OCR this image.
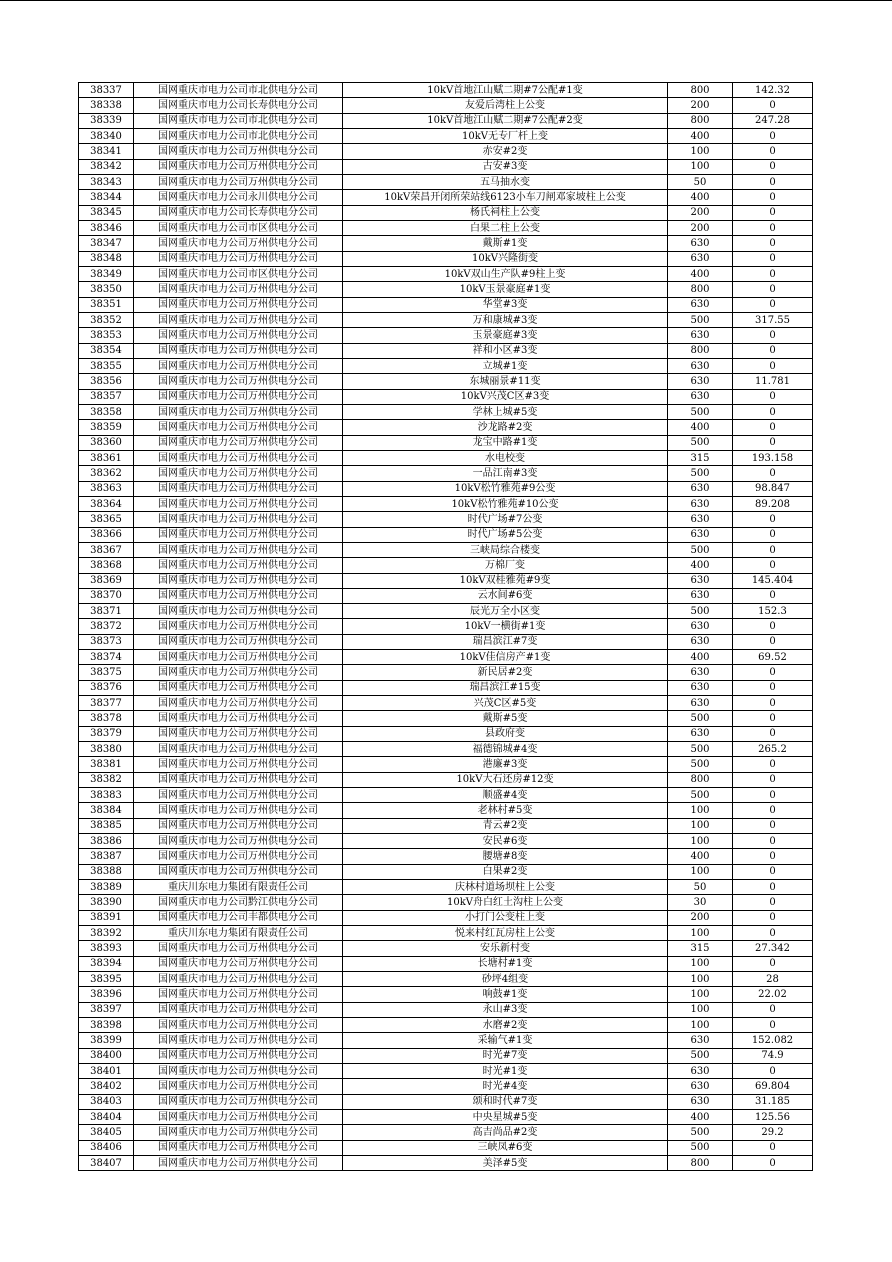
38337	国网重庆市电力公司市北供电分公司	10kV首地江山赋二期#7公配#1变	800	142.32
38338	国网重庆市电力公司长寿供电分公司	友爱后湾柱上公变	200	0
38339	国网重庆市电力公司市北供电分公司	10kV首地江山赋二期#7公配#2变	800	247.28
38340	国网重庆市电力公司市北供电分公司	10kV无专厂杆上变	400	0
38341	国网重庆市电力公司万州供电分公司	赤安#2变	100	0
38342	国网重庆市电力公司万州供电分公司	古安#3变	100	0
38343	国网重庆市电力公司万州供电分公司	五马抽水变	50	0
38344	国网重庆市电力公司永川供电分公司	10kV荣昌开闭所荣站线6123小车刀闸邓家坡柱上公变	400	0
38345	国网重庆市电力公司长寿供电分公司	杨氏祠柱上公变	200	0
38346	国网重庆市电力公司市区供电分公司	白果二柱上公变	200	0
38347	国网重庆市电力公司万州供电分公司	戴斯#1变	630	0
38348	国网重庆市电力公司万州供电分公司	10kV兴隆街变	630	0
38349	国网重庆市电力公司市区供电分公司	10kV双山生产队#9柱上变	400	0
38350	国网重庆市电力公司万州供电分公司	10kV玉景豪庭#1变	800	0
38351	国网重庆市电力公司万州供电分公司	华堂#3变	630	0
38352	国网重庆市电力公司万州供电分公司	万和康城#3变	500	317.55
38353	国网重庆市电力公司万州供电分公司	玉景豪庭#3变	630	0
38354	国网重庆市电力公司万州供电分公司	祥和小区#3变	800	0
38355	国网重庆市电力公司万州供电分公司	立城#1变	630	0
38356	国网重庆市电力公司万州供电分公司	东城丽景#11变	630	11.781
38357	国网重庆市电力公司万州供电分公司	10kV兴茂C区#3变	630	0
38358	国网重庆市电力公司万州供电分公司	学林上城#5变	500	0
38359	国网重庆市电力公司万州供电分公司	沙龙路#2变	400	0
38360	国网重庆市电力公司万州供电分公司	龙宝中路#1变	500	0
38361	国网重庆市电力公司万州供电分公司	水电校变	315	193.158
38362	国网重庆市电力公司万州供电分公司	一品江南#3变	500	0
38363	国网重庆市电力公司万州供电分公司	10kV松竹雅苑#9公变	630	98.847
38364	国网重庆市电力公司万州供电分公司	10kV松竹雅苑#10公变	630	89.208
38365	国网重庆市电力公司万州供电分公司	时代广场#7公变	630	0
38366	国网重庆市电力公司万州供电分公司	时代广场#5公变	630	0
38367	国网重庆市电力公司万州供电分公司	三峡局综合楼变	500	0
38368	国网重庆市电力公司万州供电分公司	万棉厂变	400	0
38369	国网重庆市电力公司万州供电分公司	10kV双桂雅苑#9变	630	145.404
38370	国网重庆市电力公司万州供电分公司	云水间#6变	630	0
38371	国网重庆市电力公司万州供电分公司	辰光万全小区变	500	152.3
38372	国网重庆市电力公司万州供电分公司	10kV一横街#1变	630	0
38373	国网重庆市电力公司万州供电分公司	瑞昌滨江#7变	630	0
38374	国网重庆市电力公司万州供电分公司	10kV佳信房产#1变	400	69.52
38375	国网重庆市电力公司万州供电分公司	新民居#2变	630	0
38376	国网重庆市电力公司万州供电分公司	瑞昌滨江#15变	630	0
38377	国网重庆市电力公司万州供电分公司	兴茂C区#5变	630	0
38378	国网重庆市电力公司万州供电分公司	戴斯#5变	500	0
38379	国网重庆市电力公司万州供电分公司	县政府变	630	0
38380	国网重庆市电力公司万州供电分公司	福德锦城#4变	500	265.2
38381	国网重庆市电力公司万州供电分公司	港廉#3变	500	0
38382	国网重庆市电力公司万州供电分公司	10kV大石还房#12变	800	0
38383	国网重庆市电力公司万州供电分公司	顺盛#4变	500	0
38384	国网重庆市电力公司万州供电分公司	老林村#5变	100	0
38385	国网重庆市电力公司万州供电分公司	青云#2变	100	0
38386	国网重庆市电力公司万州供电分公司	安民#6变	100	0
38387	国网重庆市电力公司万州供电分公司	腰塘#8变	400	0
38388	国网重庆市电力公司万州供电分公司	白果#2变	100	0
38389	重庆川东电力集团有限责任公司	庆林村道场坝柱上公变	50	0
38390	国网重庆市电力公司黔江供电分公司	10kV舟白红土沟柱上公变	30	0
38391	国网重庆市电力公司丰都供电分公司	小打门公变柱上变	200	0
38392	重庆川东电力集团有限责任公司	悦来村红瓦房柱上公变	100	0
38393	国网重庆市电力公司万州供电分公司	安乐新村变	315	27.342
38394	国网重庆市电力公司万州供电分公司	长塘村#1变	100	0
38395	国网重庆市电力公司万州供电分公司	砂坪4组变	100	28
38396	国网重庆市电力公司万州供电分公司	响鼓#1变	100	22.02
38397	国网重庆市电力公司万州供电分公司	永山#3变	100	0
38398	国网重庆市电力公司万州供电分公司	水磨#2变	100	0
38399	国网重庆市电力公司万州供电分公司	采输气#1变	630	152.082
38400	国网重庆市电力公司万州供电分公司	时光#7变	500	74.9
38401	国网重庆市电力公司万州供电分公司	时光#1变	630	0
38402	国网重庆市电力公司万州供电分公司	时光#4变	630	69.804
38403	国网重庆市电力公司万州供电分公司	颂和时代#7变	630	31.185
38404	国网重庆市电力公司万州供电分公司	中央星城#5变	400	125.56
38405	国网重庆市电力公司万州供电分公司	高吉尚品#2变	500	29.2
38406	国网重庆市电力公司万州供电分公司	三峡凤#6变	500	0
38407	国网重庆市电力公司万州供电分公司	美泽#5变	800	0
